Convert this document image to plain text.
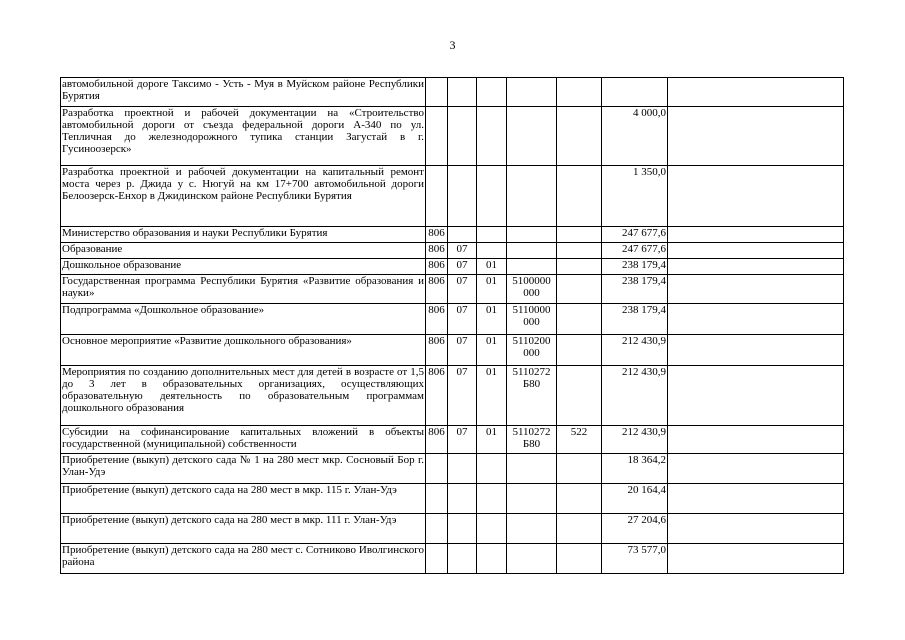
3
автомобильной дороге Таксимо - Усть - Муя в Муйском районе Республики Бурятия							
Разработка проектной и рабочей документации на «Строительство автомобильной дороги от съезда федеральной дороги А-340 по ул. Тепличная до железнодорожного тупика станции Загустай в г. Гусиноозерск»						4 000,0	
Разработка проектной и рабочей документации на капитальный ремонт моста через р. Джида у с. Нюгуй на км 17+700 автомобильной дороги Белоозерск-Енхор в Джидинском районе Республики Бурятия						1 350,0	
Министерство образования и науки Республики Бурятия	806					247 677,6	
Образование	806	07				247 677,6	
Дошкольное образование	806	07	01			238 179,4	
Государственная программа Республики Бурятия «Развитие образования и науки»	806	07	01	5100000 000		238 179,4	
Подпрограмма «Дошкольное образование»	806	07	01	5110000 000		238 179,4	
Основное мероприятие «Развитие дошкольного образования»	806	07	01	5110200 000		212 430,9	
Мероприятия по созданию дополнительных мест для детей в возрасте от 1,5 до 3 лет в образовательных организациях, осуществляющих образовательную деятельность по образовательным программам дошкольного образования	806	07	01	5110272 Б80		212 430,9	
Субсидии на софинансирование капитальных вложений в объекты государственной (муниципальной) собственности	806	07	01	5110272 Б80	522	212 430,9	
Приобретение (выкуп) детского сада № 1 на 280 мест мкр. Сосновый Бор г. Улан-Удэ						18 364,2	
Приобретение (выкуп) детского сада на 280 мест в мкр. 115 г. Улан-Удэ						20 164,4	
Приобретение (выкуп) детского сада на 280 мест в мкр. 111 г. Улан-Удэ						27 204,6	
Приобретение (выкуп) детского сада на 280 мест с. Сотниково Иволгинского района						73 577,0	
